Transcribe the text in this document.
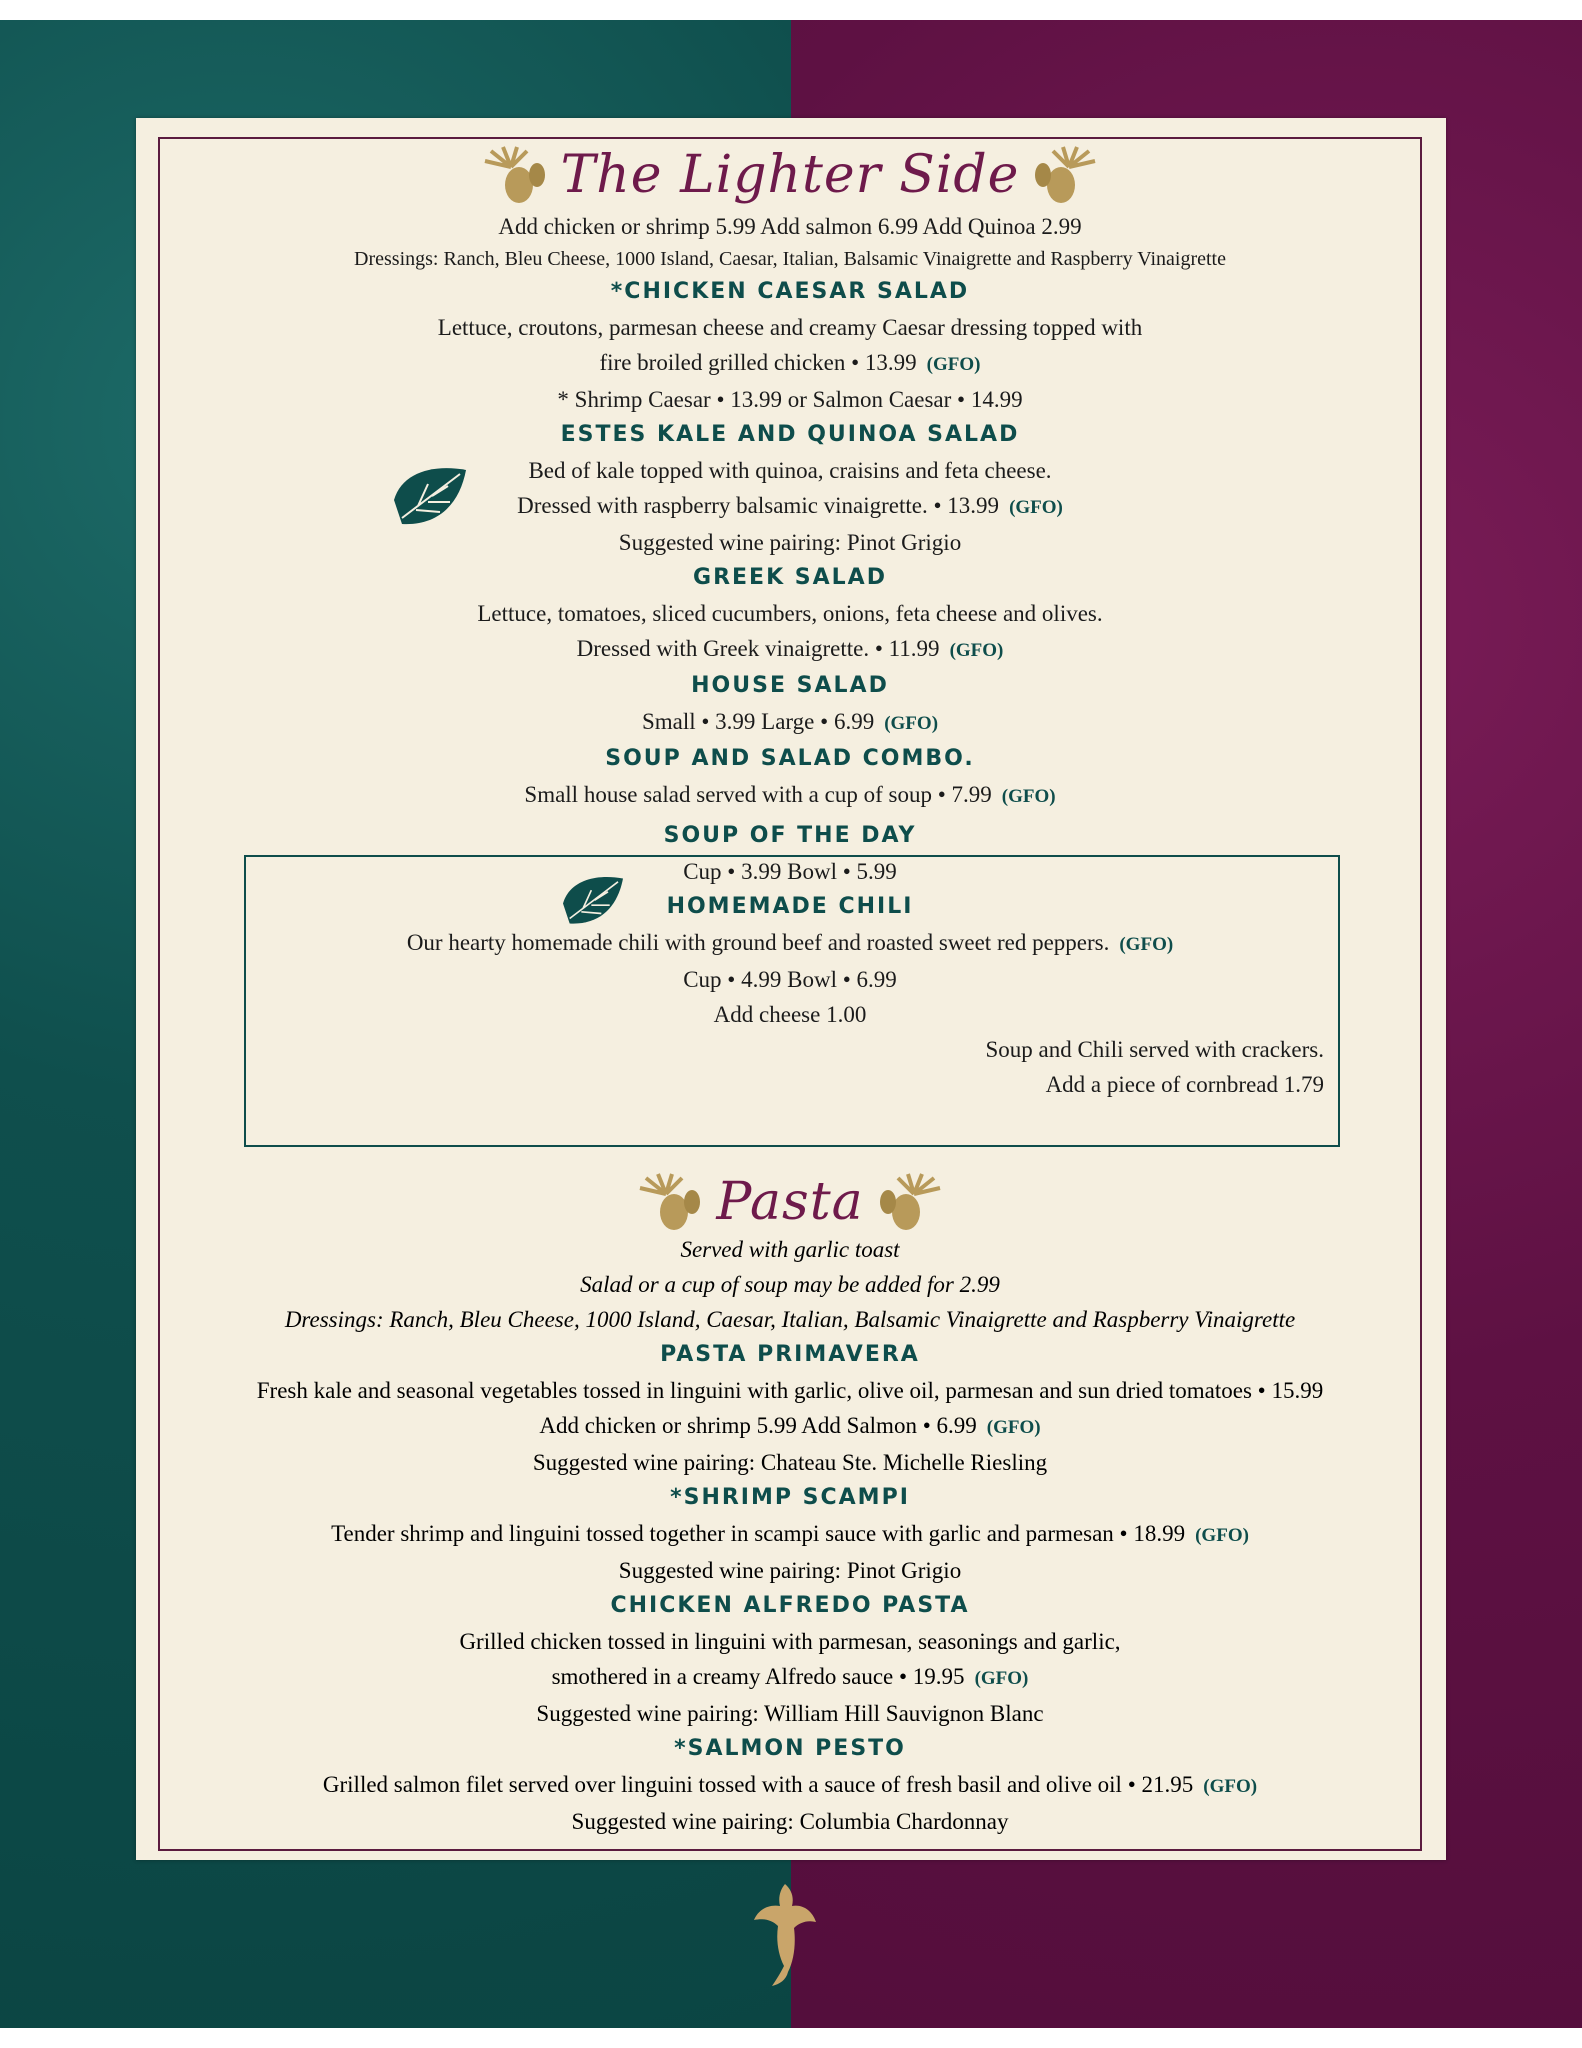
The Lighter Side
Add chicken or shrimp 5.99 Add salmon 6.99 Add Quinoa 2.99
Dressings: Ranch, Bleu Cheese, 1000 Island, Caesar, Italian, Balsamic Vinaigrette and Raspberry Vinaigrette
*CHICKEN CAESAR SALAD
Lettuce, croutons, parmesan cheese and creamy Caesar dressing topped with
fire broiled grilled chicken • 13.99 (GFO)
* Shrimp Caesar • 13.99 or Salmon Caesar • 14.99
ESTES KALE AND QUINOA SALAD
Bed of kale topped with quinoa, craisins and feta cheese.
Dressed with raspberry balsamic vinaigrette. • 13.99 (GFO)
Suggested wine pairing: Pinot Grigio
GREEK SALAD
Lettuce, tomatoes, sliced cucumbers, onions, feta cheese and olives.
Dressed with Greek vinaigrette. • 11.99 (GFO)
HOUSE SALAD
Small • 3.99 Large • 6.99 (GFO)
SOUP AND SALAD COMBO.
Small house salad served with a cup of soup • 7.99 (GFO)
SOUP OF THE DAY
Cup • 3.99 Bowl • 5.99
HOMEMADE CHILI
Our hearty homemade chili with ground beef and roasted sweet red peppers. (GFO)
Cup • 4.99 Bowl • 6.99
Add cheese 1.00
Soup and Chili served with crackers.
Add a piece of cornbread 1.79
Pasta
Served with garlic toast
Salad or a cup of soup may be added for 2.99
Dressings: Ranch, Bleu Cheese, 1000 Island, Caesar, Italian, Balsamic Vinaigrette and Raspberry Vinaigrette
PASTA PRIMAVERA
Fresh kale and seasonal vegetables tossed in linguini with garlic, olive oil, parmesan and sun dried tomatoes • 15.99
Add chicken or shrimp 5.99 Add Salmon • 6.99 (GFO)
Suggested wine pairing: Chateau Ste. Michelle Riesling
*SHRIMP SCAMPI
Tender shrimp and linguini tossed together in scampi sauce with garlic and parmesan • 18.99 (GFO)
Suggested wine pairing: Pinot Grigio
CHICKEN ALFREDO PASTA
Grilled chicken tossed in linguini with parmesan, seasonings and garlic,
smothered in a creamy Alfredo sauce • 19.95 (GFO)
Suggested wine pairing: William Hill Sauvignon Blanc
*SALMON PESTO
Grilled salmon filet served over linguini tossed with a sauce of fresh basil and olive oil • 21.95 (GFO)
Suggested wine pairing: Columbia Chardonnay
